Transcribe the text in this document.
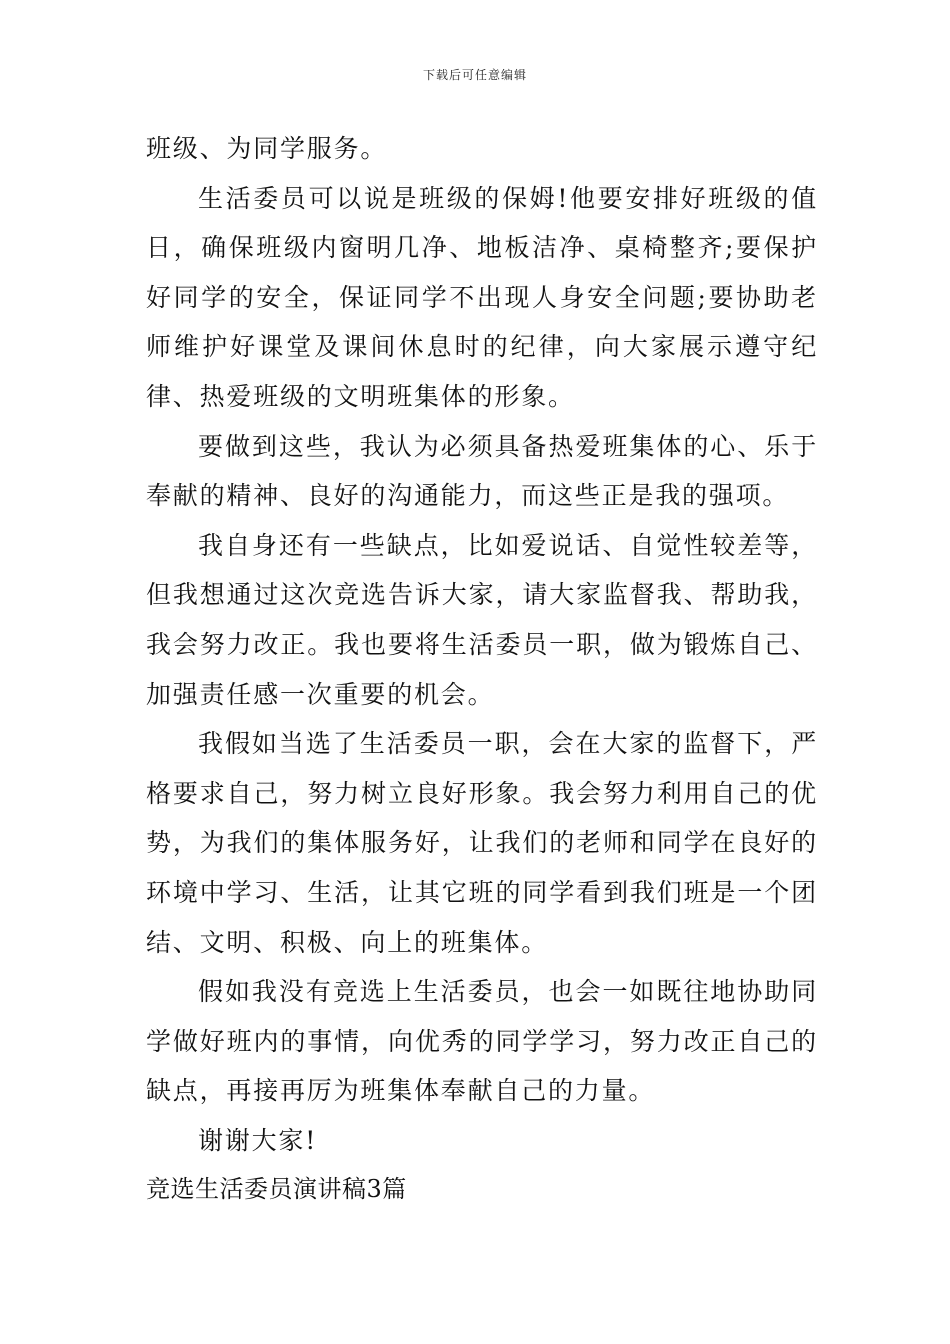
下载后可任意编辑

班级、为同学服务。

生活委员可以说是班级的保姆!他要安排好班级的值日，确保班级内窗明几净、地板洁净、桌椅整齐;要保护好同学的安全，保证同学不出现人身安全问题;要协助老师维护好课堂及课间休息时的纪律，向大家展示遵守纪律、热爱班级的文明班集体的形象。

要做到这些，我认为必须具备热爱班集体的心、乐于奉献的精神、良好的沟通能力，而这些正是我的强项。

我自身还有一些缺点，比如爱说话、自觉性较差等，但我想通过这次竞选告诉大家，请大家监督我、帮助我，我会努力改正。我也要将生活委员一职，做为锻炼自己、加强责任感一次重要的机会。

我假如当选了生活委员一职，会在大家的监督下，严格要求自己，努力树立良好形象。我会努力利用自己的优势，为我们的集体服务好，让我们的老师和同学在良好的环境中学习、生活，让其它班的同学看到我们班是一个团结、文明、积极、向上的班集体。

假如我没有竞选上生活委员，也会一如既往地协助同学做好班内的事情，向优秀的同学学习，努力改正自己的缺点，再接再厉为班集体奉献自己的力量。

谢谢大家!

竞选生活委员演讲稿3篇
